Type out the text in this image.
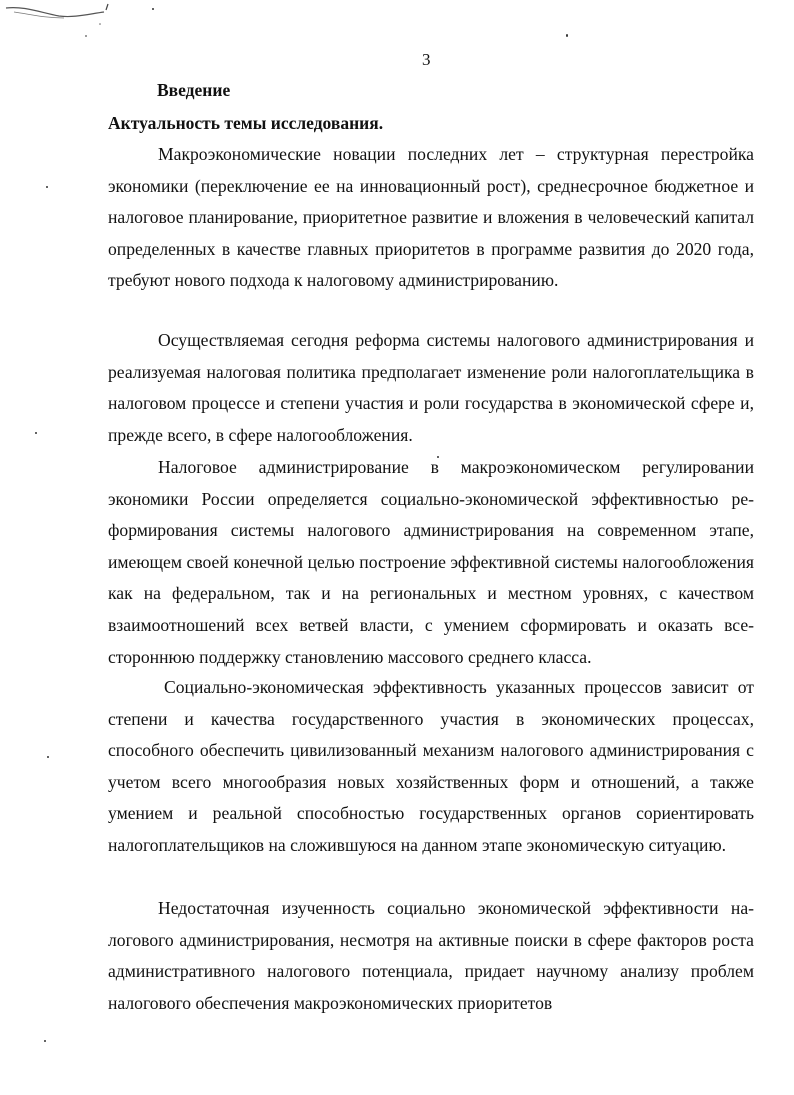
3
Введение
Актуальность темы исследования.

Макроэкономические новации последних лет – структурная перестройка экономики (переключение ее на инновационный рост), среднесрочное бюджетное и налоговое планирование, приоритетное развитие и вложения в человеческий капитал определенных в качестве главных приоритетов в программе развития до 2020 года, требуют нового подхода к налоговому администрированию.

Осуществляемая сегодня реформа системы налогового администрирования и реализуемая налоговая политика предполагает изменение роли налогоплательщика в налоговом процессе и степени участия и роли государства в экономической сфере и, прежде всего, в сфере налогообложения.

Налоговое администрирование в макроэкономическом регулировании экономики России определяется социально-экономической эффективностью реформирования системы налогового администрирования на современном этапе, имеющем своей конечной целью построение эффективной системы налогообложения как на федеральном, так и на региональных и местном уровнях, с качеством взаимоотношений всех ветвей власти, с умением сформировать и оказать всестороннюю поддержку становлению массового среднего класса.

Социально-экономическая эффективность указанных процессов зависит от степени и качества государственного участия в экономических процессах, способного обеспечить цивилизованный механизм налогового администрирования с учетом всего многообразия новых хозяйственных форм и отношений, а также умением и реальной способностью государственных органов сориентировать налогоплательщиков на сложившуюся на данном этапе экономическую ситуацию.

Недостаточная изученность социально экономической эффективности налогового администрирования, несмотря на активные поиски в сфере факторов роста административного налогового потенциала, придает научному анализу проблем налогового обеспечения макроэкономических приоритетов
